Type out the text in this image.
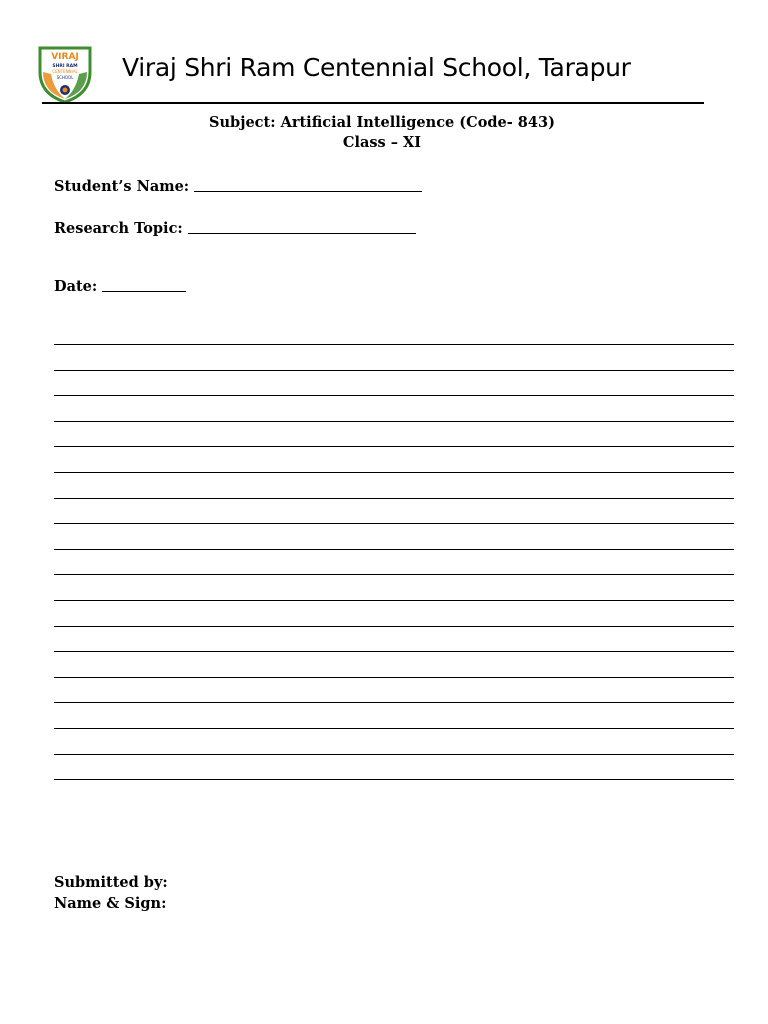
VIRAJ
SHRI RAM
CENTENNIAL
SCHOOL Viraj Shri Ram Centennial School, Tarapur
Subject: Artificial Intelligence (Code- 843)
Class – XI
Student’s Name:
Research Topic:
Date:
Submitted by:
Name & Sign:
